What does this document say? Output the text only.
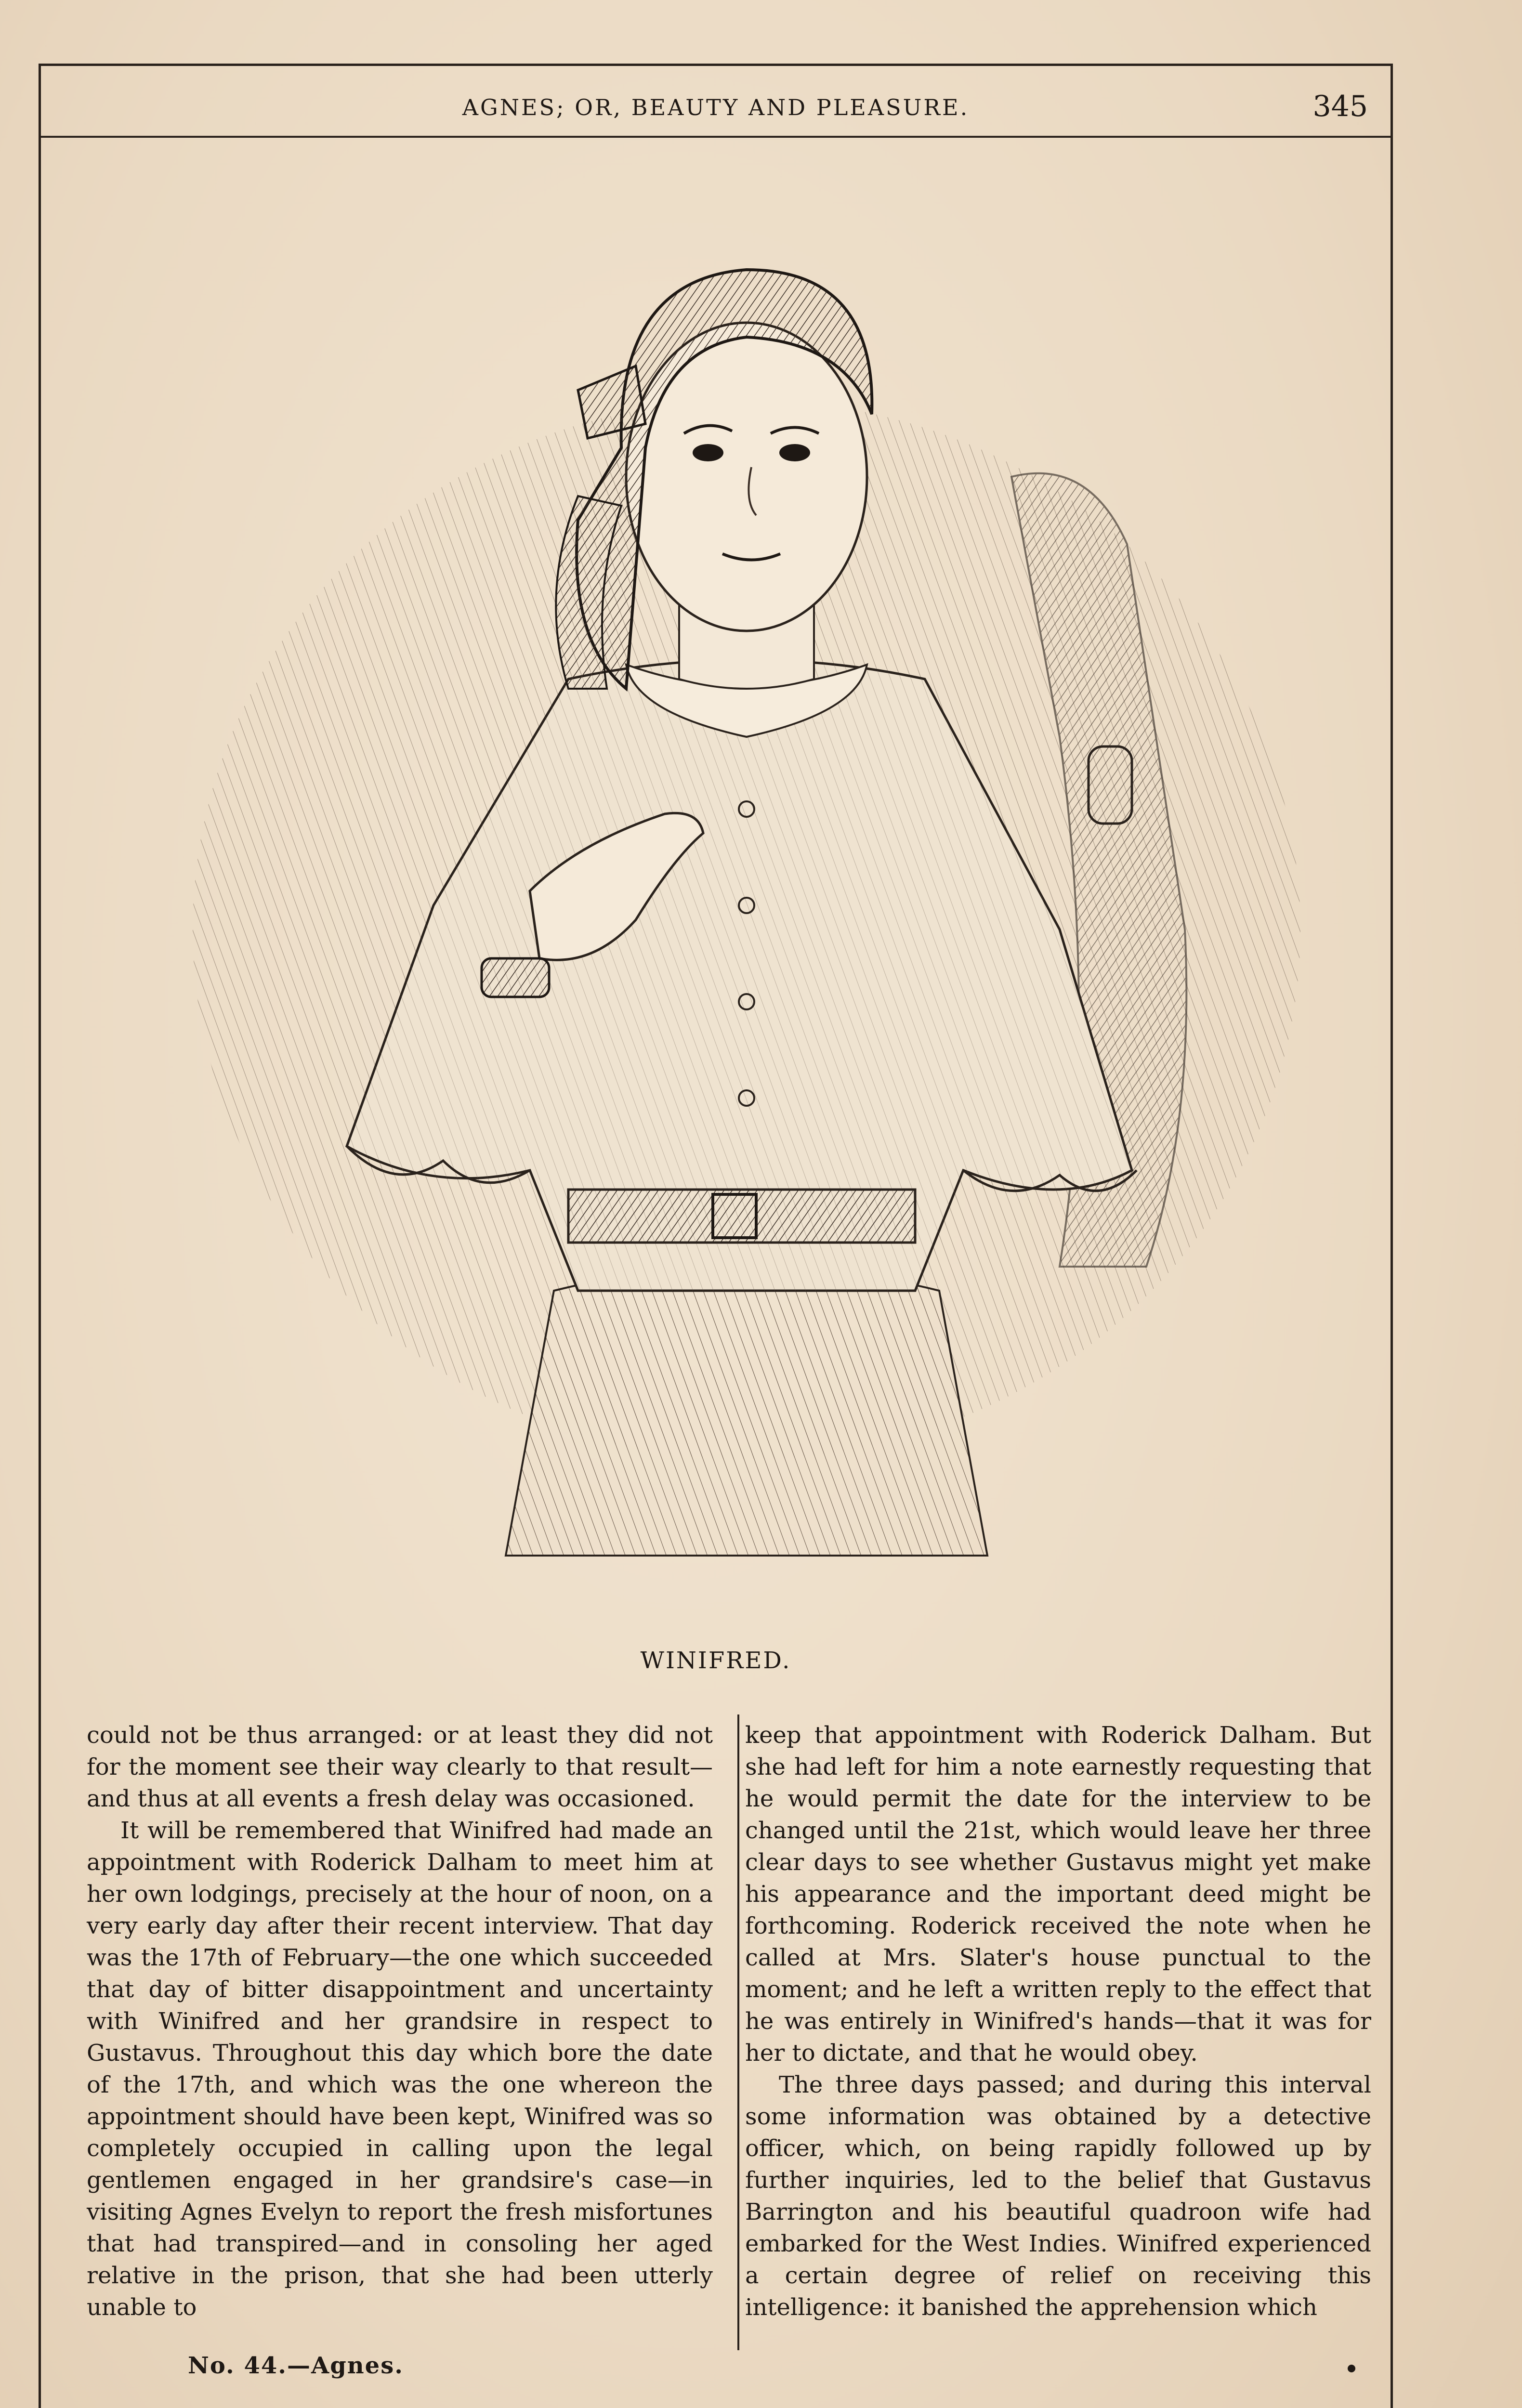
AGNES; OR, BEAUTY AND PLEASURE.	345
WINIFRED.

could not be thus arranged: or at least they did not for the moment see their way clearly to that result—and thus at all events a fresh delay was occasioned.

It will be remembered that Winifred had made an appointment with Roderick Dalham to meet him at her own lodgings, precisely at the hour of noon, on a very early day after their recent interview. That day was the 17th of February—the one which succeeded that day of bitter disappointment and uncertainty with Winifred and her grandsire in respect to Gustavus. Throughout this day which bore the date of the 17th, and which was the one whereon the appointment should have been kept, Winifred was so completely occupied in calling upon the legal gentlemen engaged in her grandsire's case—in visiting Agnes Evelyn to report the fresh misfortunes that had transpired—and in consoling her aged relative in the prison, that she had been utterly unable to

keep that appointment with Roderick Dalham. But she had left for him a note earnestly requesting that he would permit the date for the interview to be changed until the 21st, which would leave her three clear days to see whether Gustavus might yet make his appearance and the important deed might be forthcoming. Roderick received the note when he called at Mrs. Slater's house punctual to the moment; and he left a written reply to the effect that he was entirely in Winifred's hands—that it was for her to dictate, and that he would obey.

The three days passed; and during this interval some information was obtained by a detective officer, which, on being rapidly followed up by further inquiries, led to the belief that Gustavus Barrington and his beautiful quadroon wife had embarked for the West Indies. Winifred experienced a certain degree of relief on receiving this intelligence: it banished the apprehension which

No. 44.—Agnes.
